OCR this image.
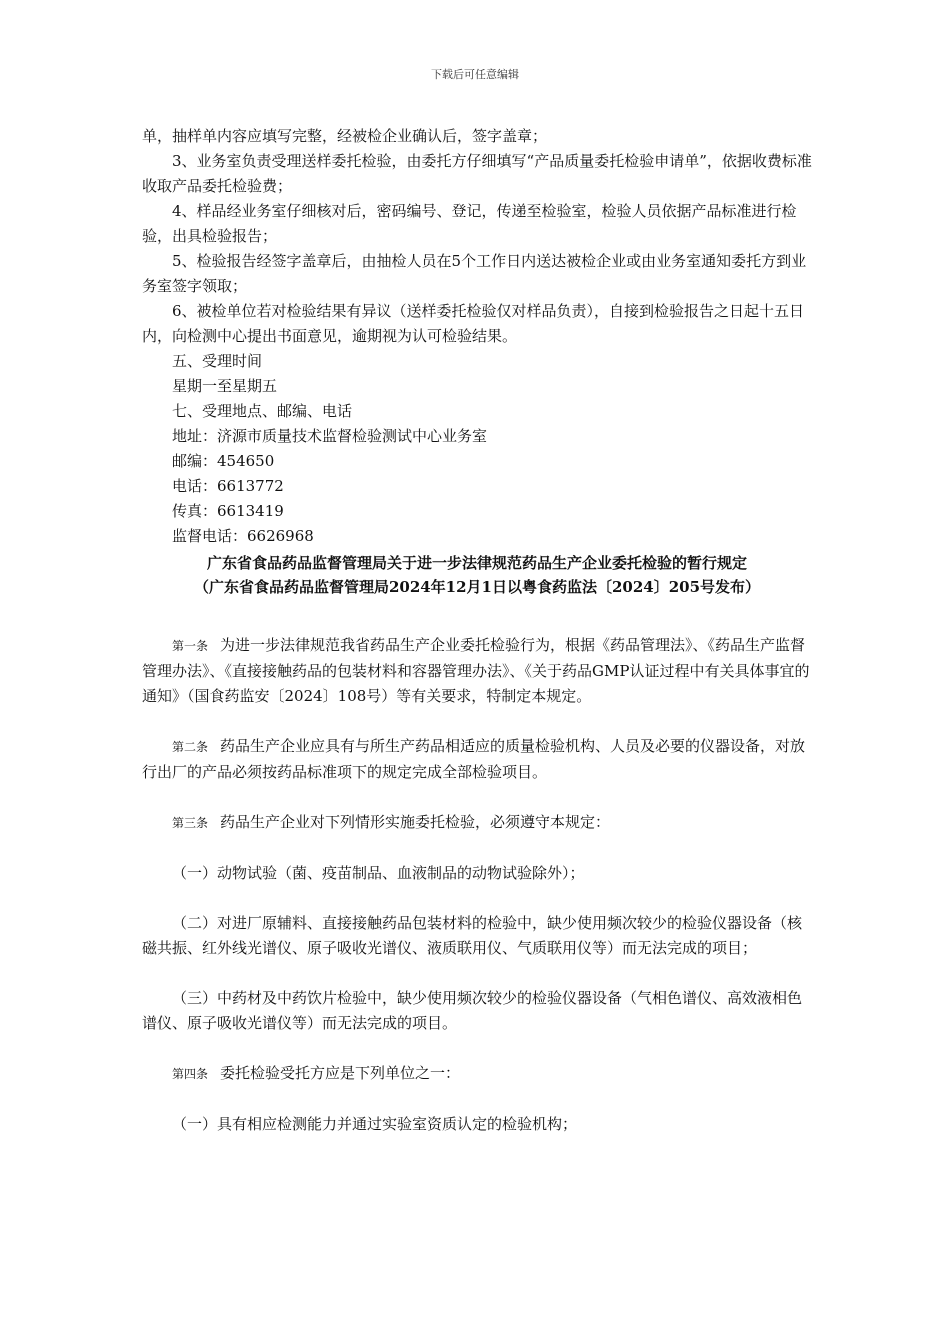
下载后可任意编辑

单，抽样单内容应填写完整，经被检企业确认后，签字盖章；

3、业务室负责受理送样委托检验，由委托方仔细填写“产品质量委托检验申请单”，依据收费标准收取产品委托检验费；

4、样品经业务室仔细核对后，密码编号、登记，传递至检验室，检验人员依据产品标准进行检验，出具检验报告；

5、检验报告经签字盖章后，由抽检人员在5个工作日内送达被检企业或由业务室通知委托方到业务室签字领取；

6、被检单位若对检验结果有异议（送样委托检验仅对样品负责），自接到检验报告之日起十五日内，向检测中心提出书面意见，逾期视为认可检验结果。

五、受理时间

星期一至星期五

七、受理地点、邮编、电话

地址：济源市质量技术监督检验测试中心业务室

邮编：454650

电话：6613772

传真：6613419

监督电话：6626968

广东省食品药品监督管理局关于进一步法律规范药品生产企业委托检验的暂行规定

（广东省食品药品监督管理局2024年12月1日以粤食药监法〔2024〕205号发布）

第一条 为进一步法律规范我省药品生产企业委托检验行为，根据《药品管理法》、《药品生产监督管理办法》、《直接接触药品的包装材料和容器管理办法》、《关于药品GMP认证过程中有关具体事宜的通知》（国食药监安〔2024〕108号）等有关要求，特制定本规定。

第二条 药品生产企业应具有与所生产药品相适应的质量检验机构、人员及必要的仪器设备，对放行出厂的产品必须按药品标准项下的规定完成全部检验项目。

第三条 药品生产企业对下列情形实施委托检验，必须遵守本规定：

（一）动物试验（菌、疫苗制品、血液制品的动物试验除外）；

（二）对进厂原辅料、直接接触药品包装材料的检验中，缺少使用频次较少的检验仪器设备（核磁共振、红外线光谱仪、原子吸收光谱仪、液质联用仪、气质联用仪等）而无法完成的项目；

（三）中药材及中药饮片检验中，缺少使用频次较少的检验仪器设备（气相色谱仪、高效液相色谱仪、原子吸收光谱仪等）而无法完成的项目。

第四条 委托检验受托方应是下列单位之一：

（一）具有相应检测能力并通过实验室资质认定的检验机构；
